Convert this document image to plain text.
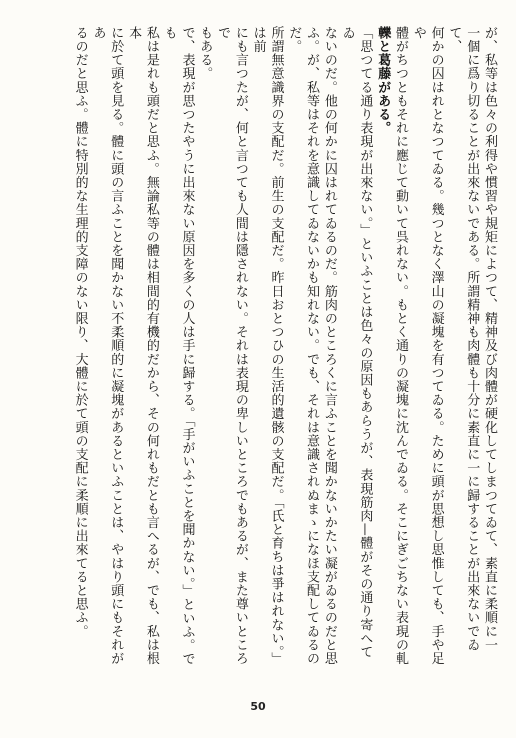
が、私等は色々の利得や慣習や規矩によつて、精神及び肉體が硬化してしまつてゐて、素直に柔順に一
一個に爲り切ることが出來ないである。所謂精神も肉體も十分に素直に一に歸することが出來ないでゐて、
何かの囚はれとなつてゐる。幾つとなく澤山の凝塊を有つてゐる。ために頭が思想し思惟しても、手や足や
體がちつともそれに應じて動いて呉れない。もとく通りの凝塊に沈んでゐる。そこにぎごちない表現の軋
轢と葛藤がある。
「思つてる通り表現が出來ない。」といふことは色々の原因もあらうが、表現筋肉—體がその通り寄へてゐ
ないのだ。他の何かに囚はれてゐるのだ。筋肉のところくに言ふことを聞かないかたい凝がゐるのだと思
ふ。が、私等はそれを意識してゐないかも知れない。でも、それは意識されぬまゝになほ支配してゐるのだ。
所謂無意識界の支配だ。前生の支配だ。昨日おとつひの生活的遺骸の支配だ。「氏と育ちは爭はれない。」は前
にも言つたが、何と言つても人間は隱されない。それは表現の卑しいところでもあるが、また尊いところで
もある。
で、表現が思つたやうに出來ない原因を多くの人は手に歸する。「手がいふことを聞かない。」といふ。でも
私は是れも頭だと思ふ。無論私等の體は相間的有機的だから、その何れもだとも言へるが、でも、私は根本
に於て頭を見る。體に頭の言ふことを聞かない不柔順的に凝塊があるといふことは、やはり頭にもそれがあ
るのだと思ふ。體に特別的な生理的支障のない限り、大體に於て頭の支配に柔順に出來てると思ふ。
50
